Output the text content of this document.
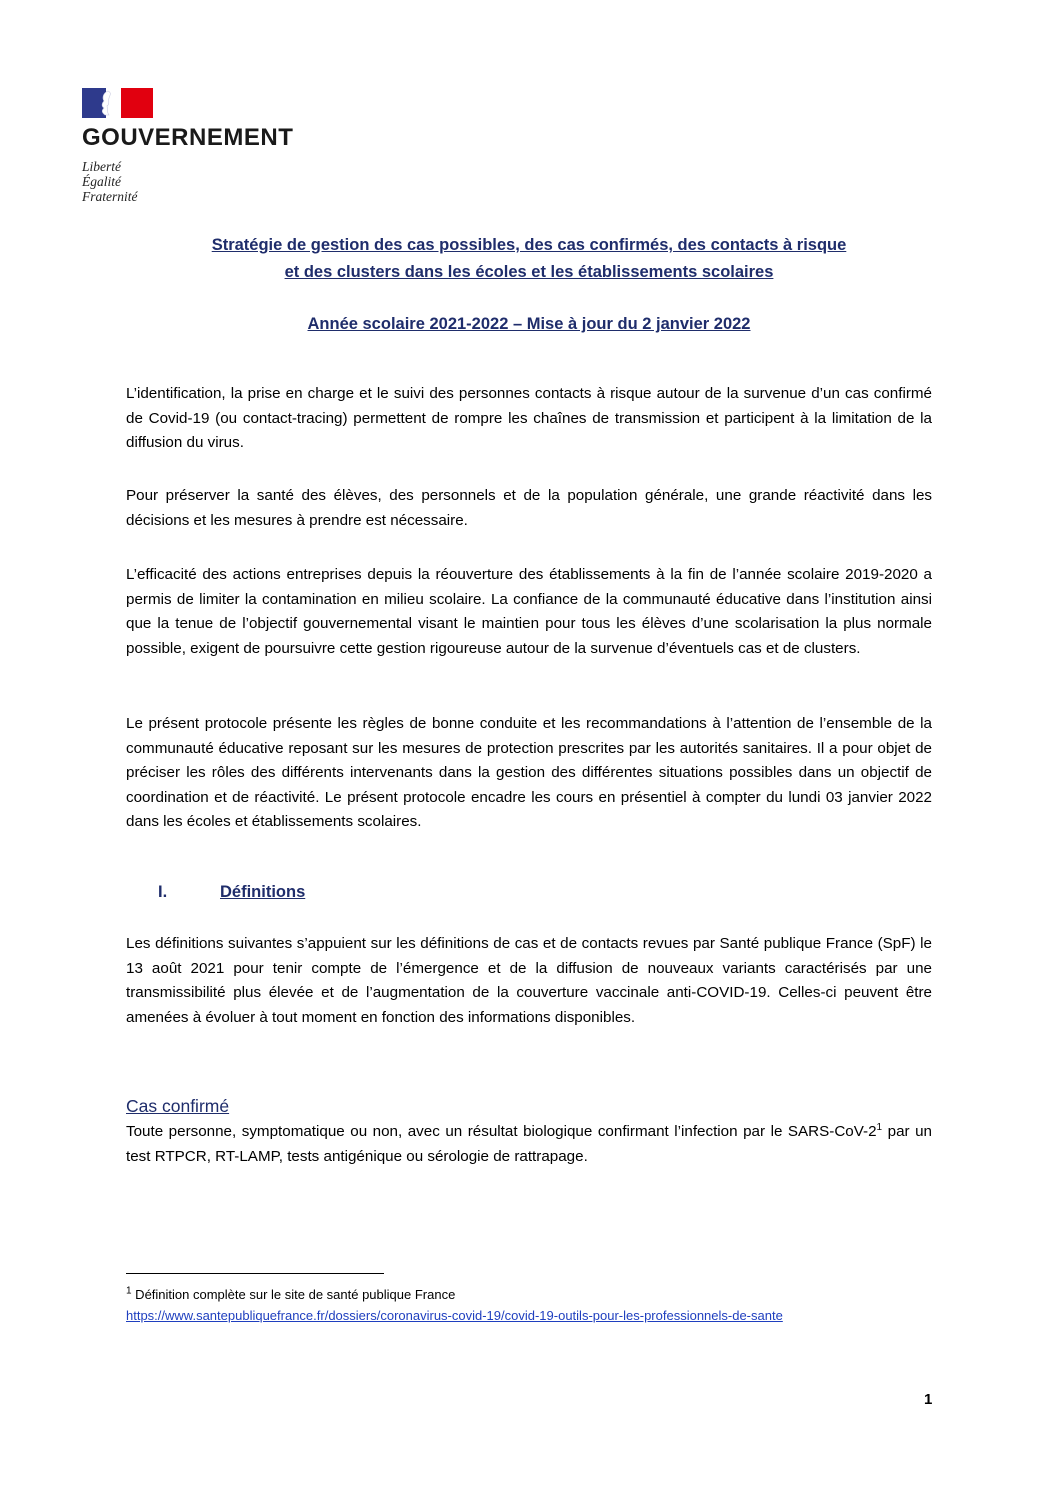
GOUVERNEMENT
Liberté
Égalité
Fraternité
Stratégie de gestion des cas possibles, des cas confirmés, des contacts à risque
et des clusters dans les écoles et les établissements scolaires
Année scolaire 2021-2022 – Mise à jour du 2 janvier 2022
L’identification, la prise en charge et le suivi des personnes contacts à risque autour de la survenue d’un cas confirmé de Covid-19 (ou contact-tracing) permettent de rompre les chaînes de transmission et participent à la limitation de la diffusion du virus.
Pour préserver la santé des élèves, des personnels et de la population générale, une grande réactivité dans les décisions et les mesures à prendre est nécessaire.
L’efficacité des actions entreprises depuis la réouverture des établissements à la fin de l’année scolaire 2019-2020 a permis de limiter la contamination en milieu scolaire. La confiance de la communauté éducative dans l’institution ainsi que la tenue de l’objectif gouvernemental visant le maintien pour tous les élèves d’une scolarisation la plus normale possible, exigent de poursuivre cette gestion rigoureuse autour de la survenue d’éventuels cas et de clusters.
Le présent protocole présente les règles de bonne conduite et les recommandations à l’attention de l’ensemble de la communauté éducative reposant sur les mesures de protection prescrites par les autorités sanitaires. Il a pour objet de préciser les rôles des différents intervenants dans la gestion des différentes situations possibles dans un objectif de coordination et de réactivité. Le présent protocole encadre les cours en présentiel à compter du lundi 03 janvier 2022 dans les écoles et établissements scolaires.
I.	Définitions
Les définitions suivantes s’appuient sur les définitions de cas et de contacts revues par Santé publique France (SpF) le 13 août 2021 pour tenir compte de l’émergence et de la diffusion de nouveaux variants caractérisés par une transmissibilité plus élevée et de l’augmentation de la couverture vaccinale anti-COVID-19. Celles-ci peuvent être amenées à évoluer à tout moment en fonction des informations disponibles.
Cas confirmé
Toute personne, symptomatique ou non, avec un résultat biologique confirmant l’infection par le SARS-$CoV-2^1$ par un test RTPCR, RT-LAMP, tests antigénique ou sérologie de rattrapage.
$^1$ Définition complète sur le site de santé publique France
https://www.santepubliquefrance.fr/dossiers/coronavirus-covid-19/covid-19-outils-pour-les-professionnels-de-sante
1
